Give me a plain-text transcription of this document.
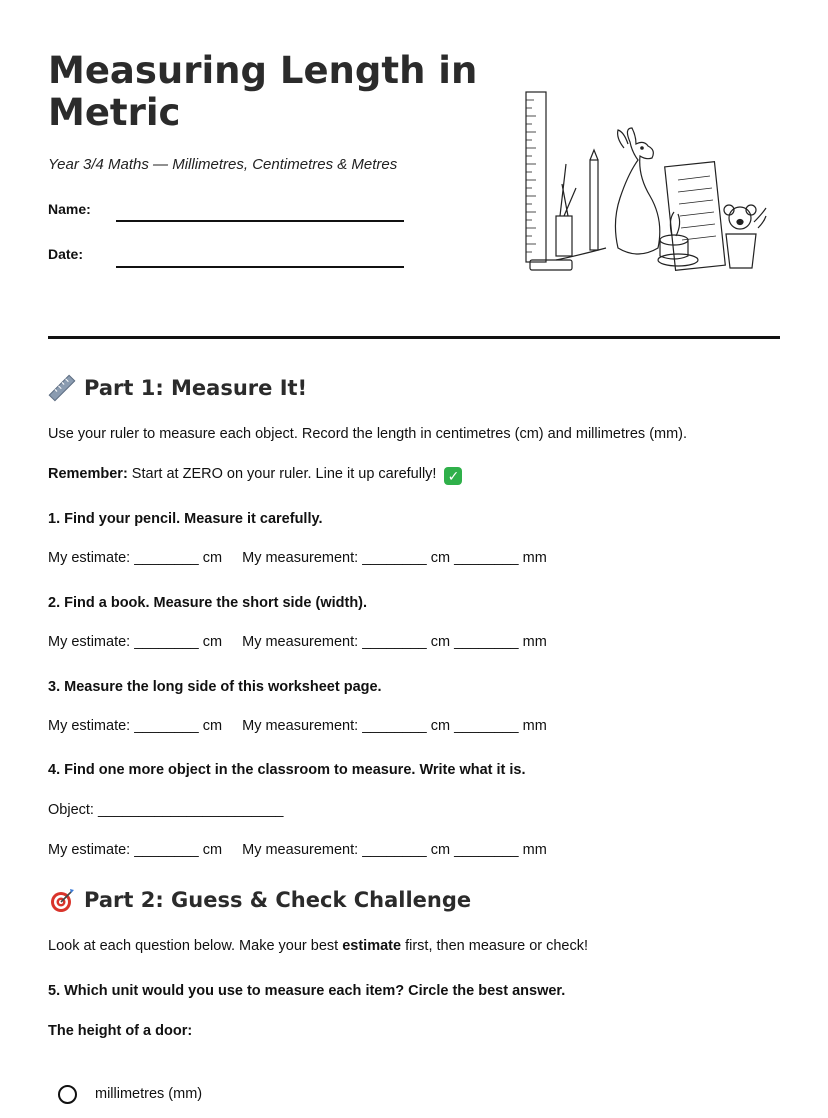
Measuring Length in Metric
Year 3/4 Maths — Millimetres, Centimetres & Metres
Name:
Date:
Part 1: Measure It!
Use your ruler to measure each object. Record the length in centimetres (cm) and millimetres (mm).
Remember: Start at ZERO on your ruler. Line it up carefully! ✓
1. Find your pencil. Measure it carefully.
My estimate: ________ cm My measurement: ________ cm ________ mm
2. Find a book. Measure the short side (width).
My estimate: ________ cm My measurement: ________ cm ________ mm
3. Measure the long side of this worksheet page.
My estimate: ________ cm My measurement: ________ cm ________ mm
4. Find one more object in the classroom to measure. Write what it is.
Object: _______________________
My estimate: ________ cm My measurement: ________ cm ________ mm
Part 2: Guess & Check Challenge
Look at each question below. Make your best estimate first, then measure or check!
5. Which unit would you use to measure each item? Circle the best answer.
The height of a door:
millimetres (mm)
